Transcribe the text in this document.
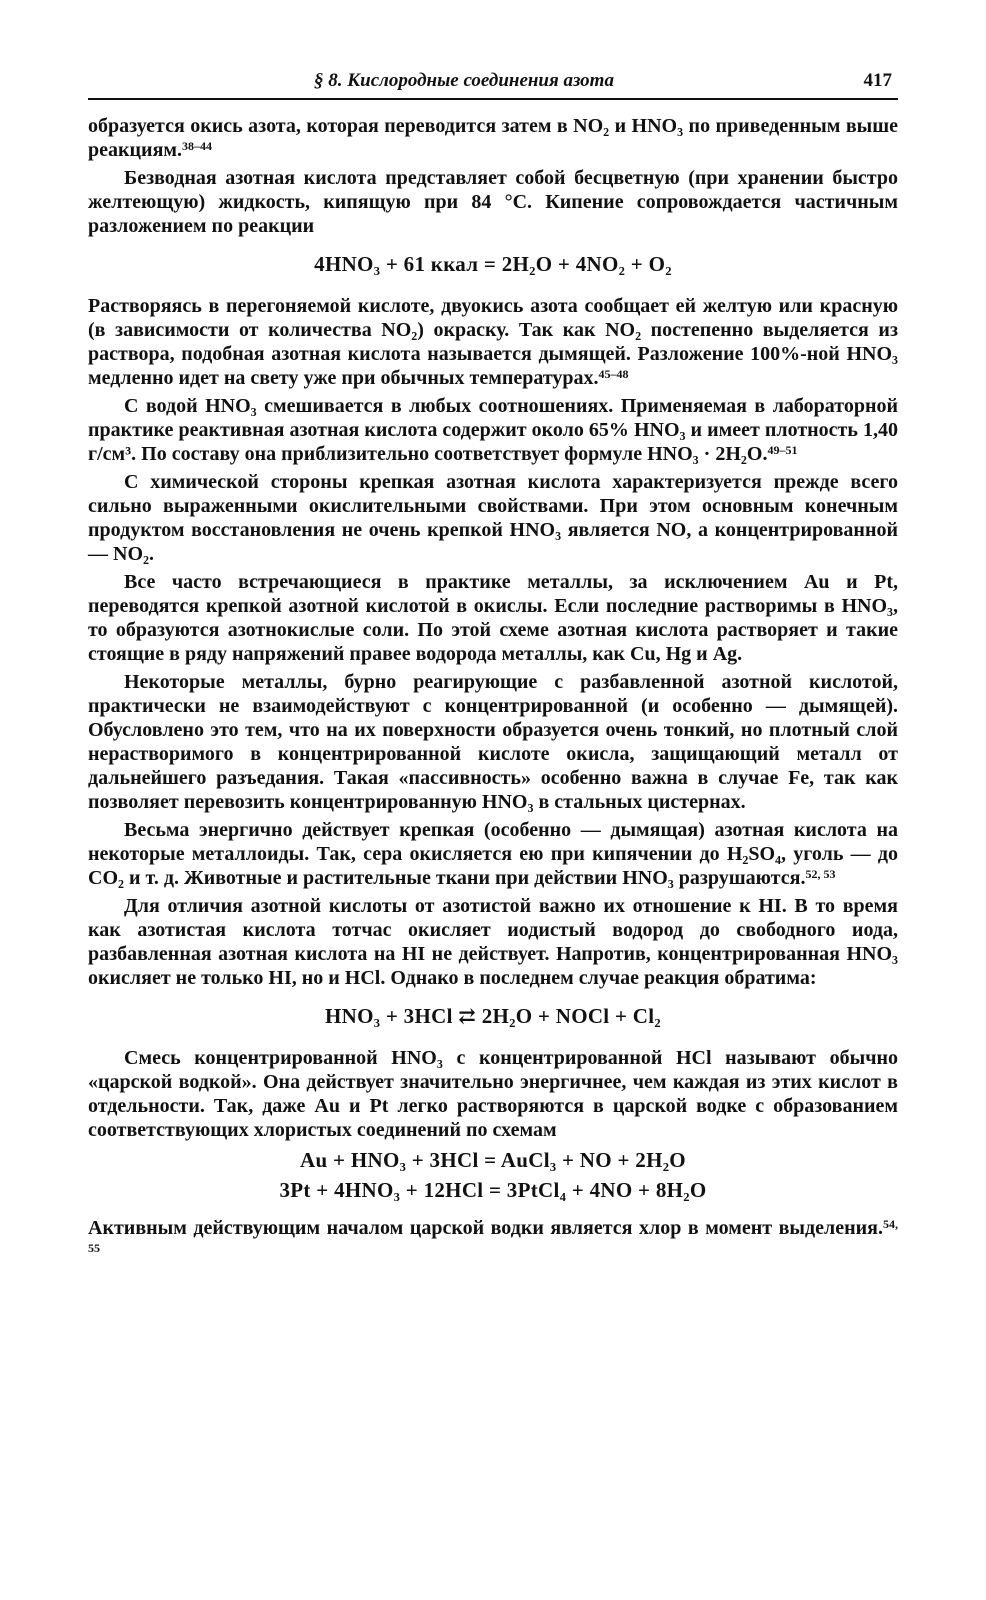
§ 8. Кислородные соединения азота	417

образуется окись азота, которая переводится затем в NO₂ и HNO₃ по приведенным выше реакциям.$^{38-44}$

Безводная азотная кислота представляет собой бесцветную (при хранении быстро желтеющую) жидкость, кипящую при 84 °C. Кипение сопровождается частичным разложением по реакции

4HNO₃ + 61 ккал = 2H₂O + 4NO₂ + O₂

Растворяясь в перегоняемой кислоте, двуокись азота сообщает ей желтую или красную (в зависимости от количества NO₂) окраску. Так как NO₂ постепенно выделяется из раствора, подобная азотная кислота называется дымящей. Разложение 100%-ной HNO₃ медленно идет на свету уже при обычных температурах.$^{45-48}$

С водой HNO₃ смешивается в любых соотношениях. Применяемая в лабораторной практике реактивная азотная кислота содержит около 65% HNO₃ и имеет плотность 1,40 г/см³. По составу она приблизительно соответствует формуле HNO₃ · 2H₂O.$^{49-51}$

С химической стороны крепкая азотная кислота характеризуется прежде всего сильно выраженными окислительными свойствами. При этом основным конечным продуктом восстановления не очень крепкой HNO₃ является NO, а концентрированной — NO₂.

Все часто встречающиеся в практике металлы, за исключением Au и Pt, переводятся крепкой азотной кислотой в окислы. Если последние растворимы в HNO₃, то образуются азотнокислые соли. По этой схеме азотная кислота растворяет и такие стоящие в ряду напряжений правее водорода металлы, как Cu, Hg и Ag.

Некоторые металлы, бурно реагирующие с разбавленной азотной кислотой, практически не взаимодействуют с концентрированной (и особенно — дымящей). Обусловлено это тем, что на их поверхности образуется очень тонкий, но плотный слой нерастворимого в концентрированной кислоте окисла, защищающий металл от дальнейшего разъедания. Такая «пассивность» особенно важна в случае Fe, так как позволяет перевозить концентрированную HNO₃ в стальных цистернах.

Весьма энергично действует крепкая (особенно — дымящая) азотная кислота на некоторые металлоиды. Так, сера окисляется ею при кипячении до H₂SO₄, уголь — до CO₂ и т. д. Животные и растительные ткани при действии HNO₃ разрушаются.$^{52, 53}$

Для отличия азотной кислоты от азотистой важно их отношение к HI. В то время как азотистая кислота тотчас окисляет иодистый водород до свободного иода, разбавленная азотная кислота на HI не действует. Напротив, концентрированная HNO₃ окисляет не только HI, но и HCl. Однако в последнем случае реакция обратима:

HNO₃ + 3HCl ⇄ 2H₂O + NOCl + Cl₂

Смесь концентрированной HNO₃ с концентрированной HCl называют обычно «царской водкой». Она действует значительно энергичнее, чем каждая из этих кислот в отдельности. Так, даже Au и Pt легко растворяются в царской водке с образованием соответствующих хлористых соединений по схемам

Au + HNO₃ + 3HCl = AuCl₃ + NO + 2H₂O
3Pt + 4HNO₃ + 12HCl = 3PtCl₄ + 4NO + 8H₂O

Активным действующим началом царской водки является хлор в момент выделения.$^{54, 55}$
